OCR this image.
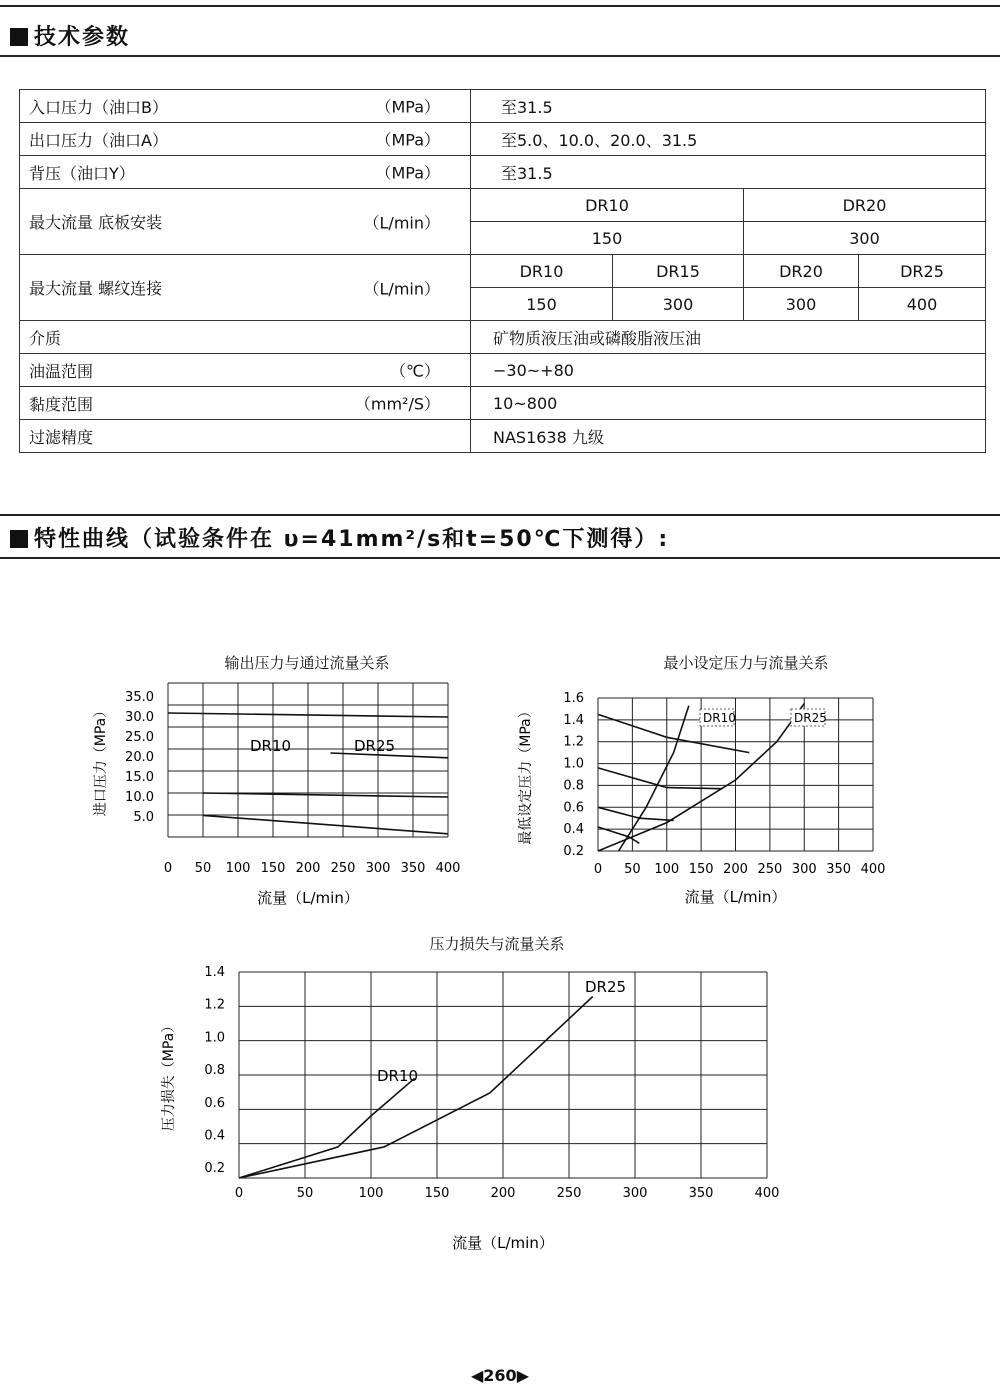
技术参数
入口压力（油口B） （MPa）	至31.5			
出口压力（油口A） （MPa）	至5.0、10.0、20.0、31.5			
背压（油口Y） （MPa）	至31.5			
最大流量 底板安装 （L/min）	DR10		DR20	
	150		300	
最大流量 螺纹连接 （L/min）	DR10	DR15	DR20	DR25
	150	300	300	400
介质	矿物质液压油或磷酸脂液压油			
油温范围 （℃）	−30~+80			
黏度范围 （mm²/S）	10~800			
过滤精度	NAS1638 九级			
特性曲线（试验条件在 υ=41mm²/s和t=50℃下测得）:
输出压力与通过流量关系
0 50 100 150 200 250 300 350 400
5.0
10.0
15.0
20.0
25.0
30.0
35.0
流量（L/min）
进口压力（MPa）	DR10	DR25
最小设定压力与流量关系
0 50 100 150 200 250 300 350 400
0.2
0.4
0.6
0.8
1.0
1.2
1.4
1.6
流量（L/min）
最低设定压力（MPa）	DR10	DR25
压力损失与流量关系
0	50	100	150	200	250	300	350	400
0.2
0.4
0.6
0.8
1.0
1.2
1.4
流量（L/min）
压力损失（MPa）	DR10
DR25
◀260▶
